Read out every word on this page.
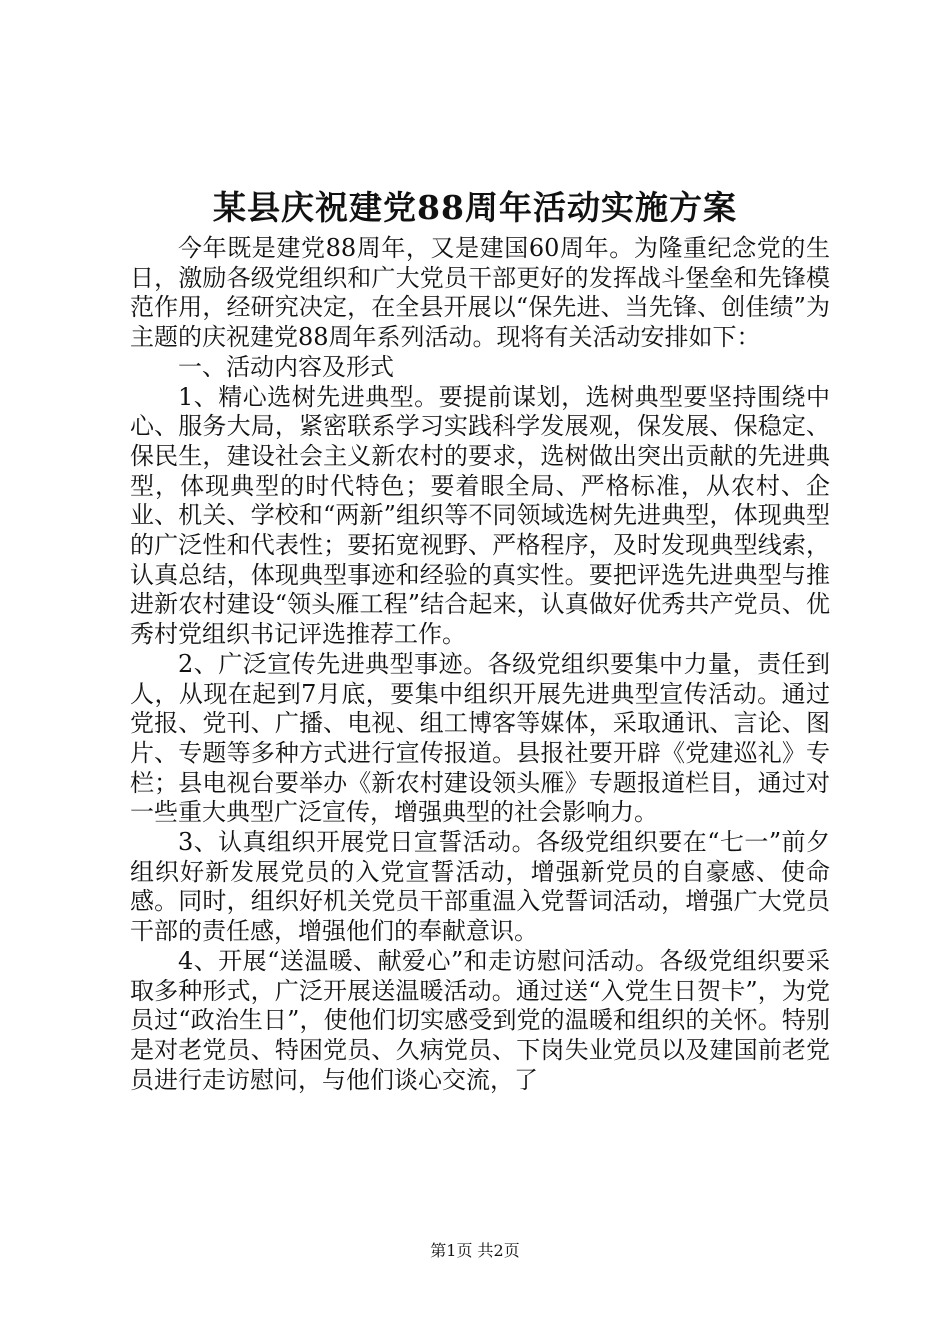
某县庆祝建党88周年活动实施方案

今年既是建党88周年，又是建国60周年。为隆重纪念党的生日，激励各级党组织和广大党员干部更好的发挥战斗堡垒和先锋模范作用，经研究决定，在全县开展以“保先进、当先锋、创佳绩”为主题的庆祝建党88周年系列活动。现将有关活动安排如下：

一、活动内容及形式

1、精心选树先进典型。要提前谋划，选树典型要坚持围绕中心、服务大局，紧密联系学习实践科学发展观，保发展、保稳定、保民生，建设社会主义新农村的要求，选树做出突出贡献的先进典型，体现典型的时代特色；要着眼全局、严格标准，从农村、企业、机关、学校和“两新”组织等不同领域选树先进典型，体现典型的广泛性和代表性；要拓宽视野、严格程序，及时发现典型线索，认真总结，体现典型事迹和经验的真实性。要把评选先进典型与推进新农村建设“领头雁工程”结合起来，认真做好优秀共产党员、优秀村党组织书记评选推荐工作。

2、广泛宣传先进典型事迹。各级党组织要集中力量，责任到人，从现在起到7月底，要集中组织开展先进典型宣传活动。通过党报、党刊、广播、电视、组工博客等媒体，采取通讯、言论、图片、专题等多种方式进行宣传报道。县报社要开辟《党建巡礼》专栏；县电视台要举办《新农村建设领头雁》专题报道栏目，通过对一些重大典型广泛宣传，增强典型的社会影响力。

3、认真组织开展党日宣誓活动。各级党组织要在“七一”前夕组织好新发展党员的入党宣誓活动，增强新党员的自豪感、使命感。同时，组织好机关党员干部重温入党誓词活动，增强广大党员干部的责任感，增强他们的奉献意识。

4、开展“送温暖、献爱心”和走访慰问活动。各级党组织要采取多种形式，广泛开展送温暖活动。通过送“入党生日贺卡”，为党员过“政治生日”，使他们切实感受到党的温暖和组织的关怀。特别是对老党员、特困党员、久病党员、下岗失业党员以及建国前老党员进行走访慰问，与他们谈心交流，了

第1页 共2页
